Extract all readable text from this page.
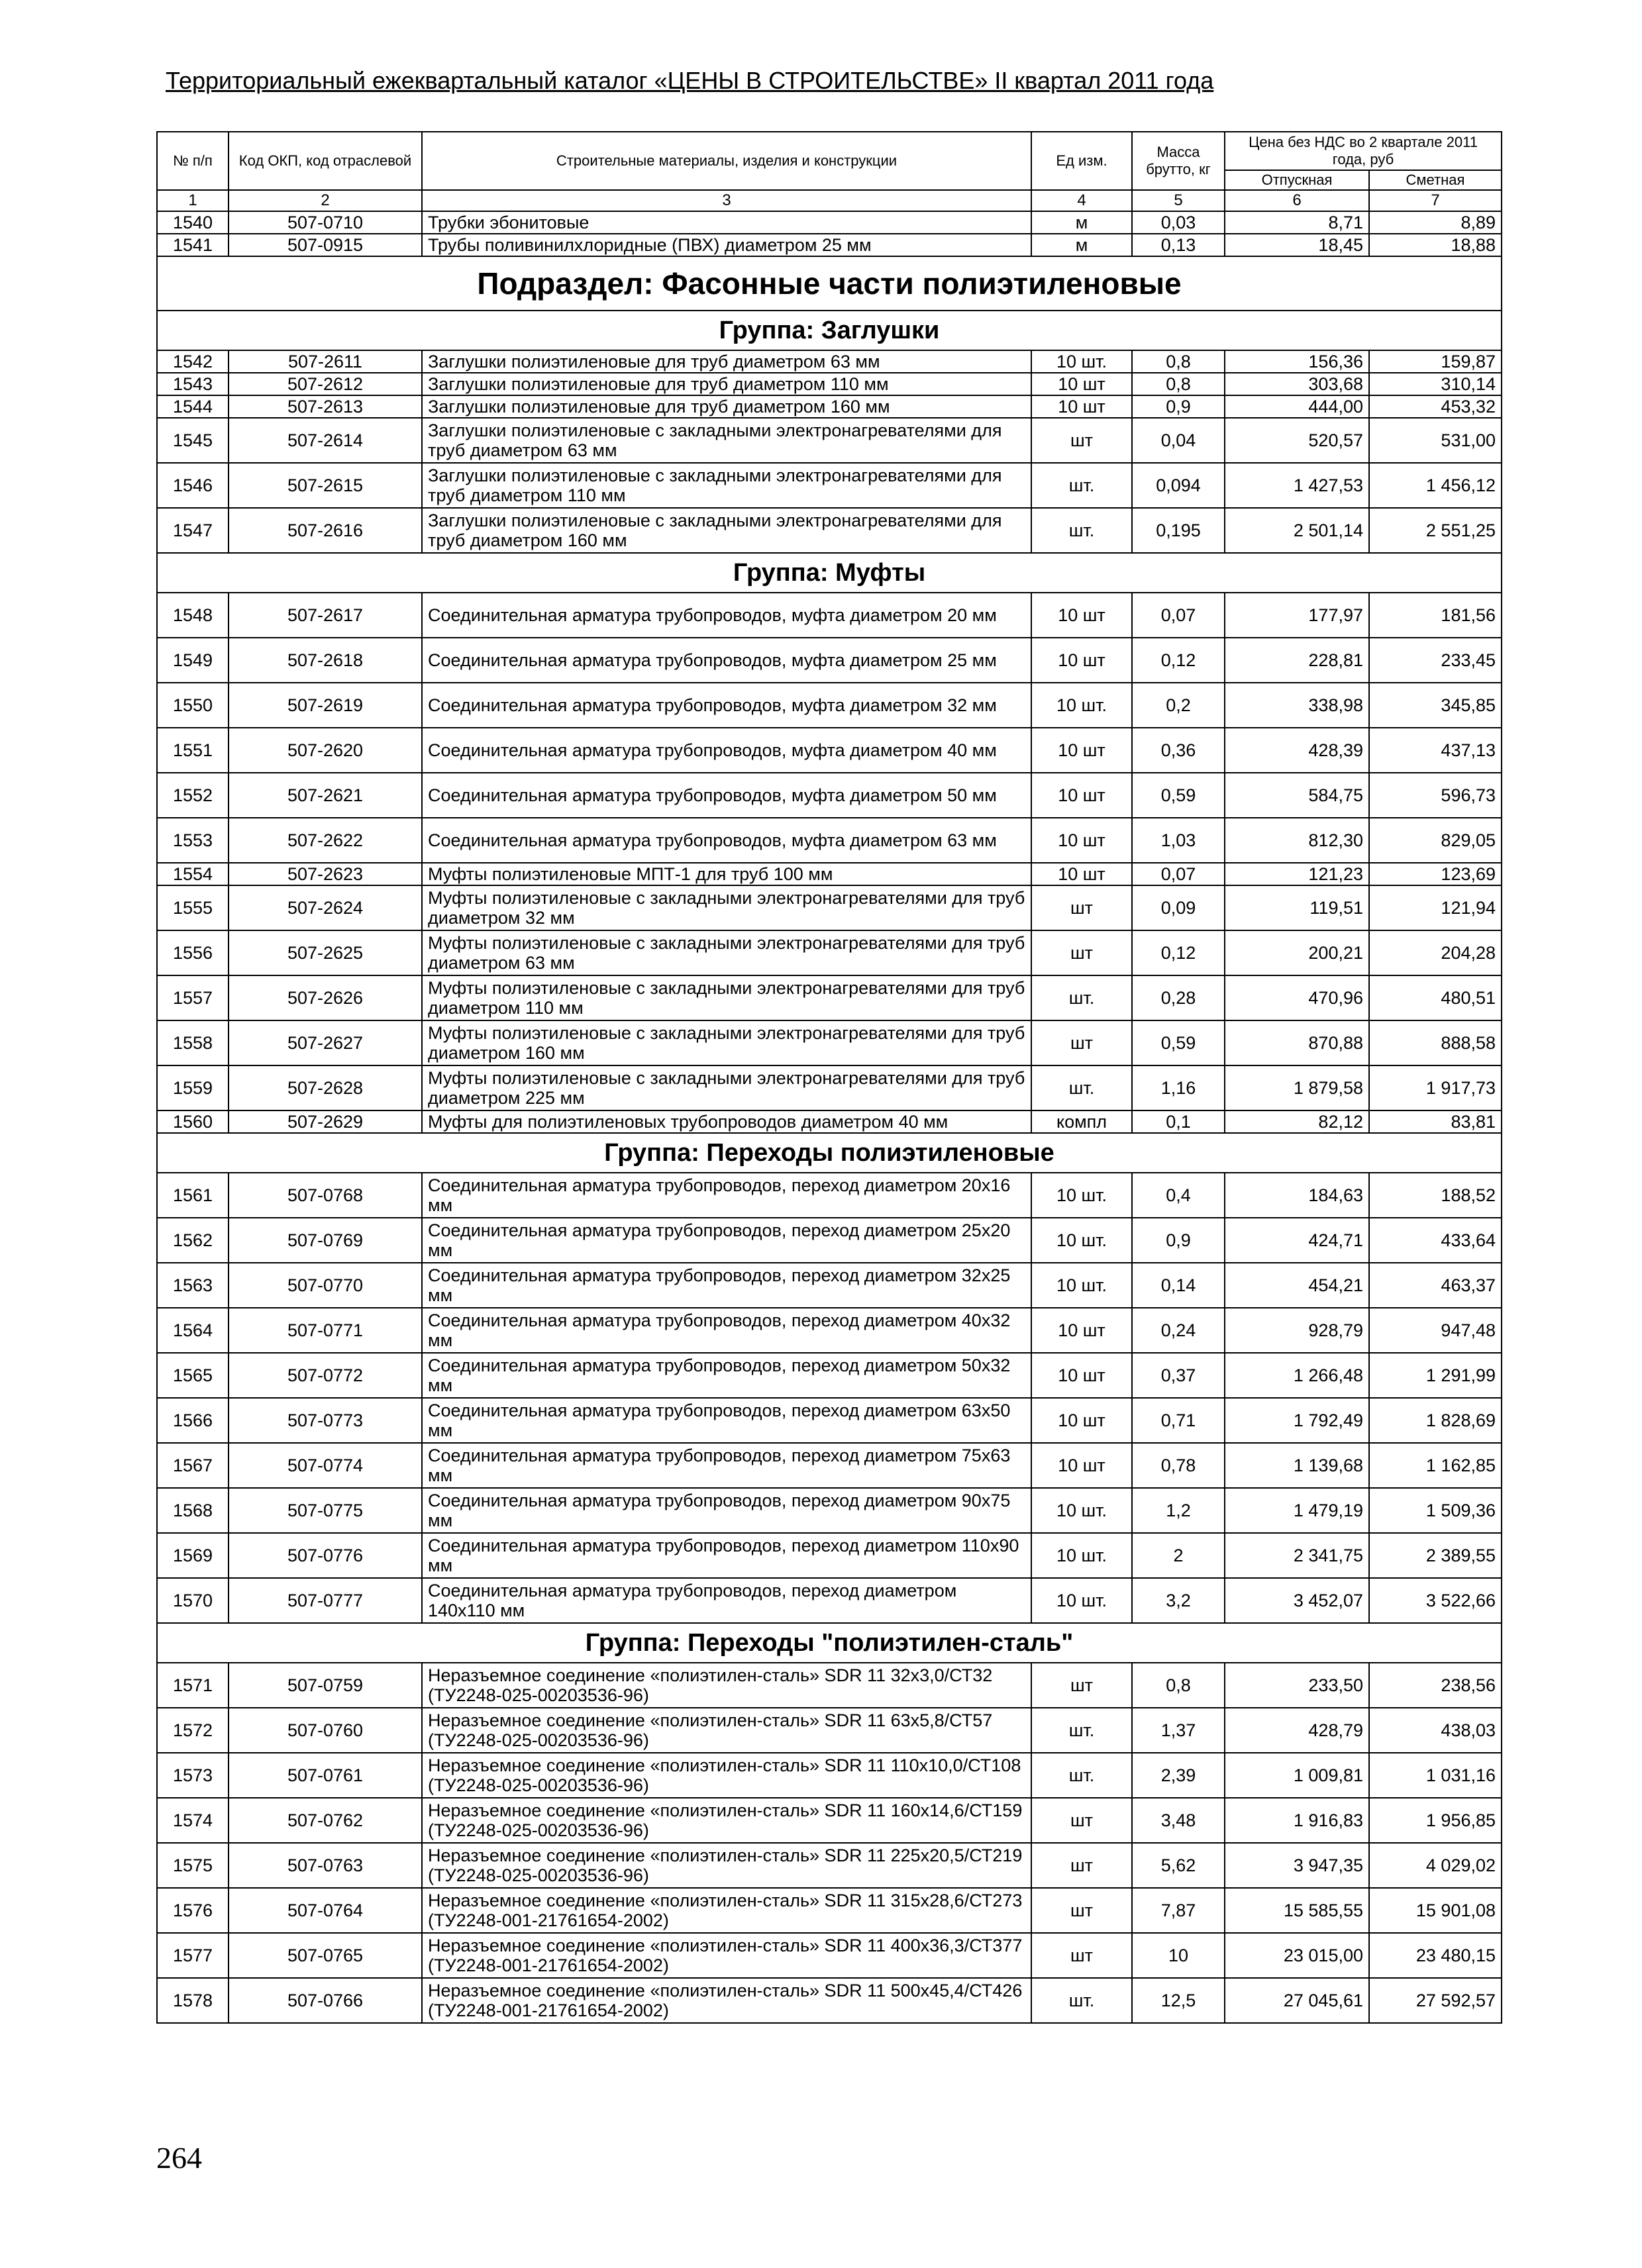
Территориальный ежеквартальный каталог «ЦЕНЫ В СТРОИТЕЛЬСТВЕ» II квартал 2011 года
№ п/п	Код ОКП, код отраслевой	Строительные материалы, изделия и конструкции	Ед изм.	Масса брутто, кг	Цена без НДС во 2 квартале 2011 года, руб	
					Отпускная	Сметная
1	2	3	4	5	6	7
1540	507-0710	Трубки эбонитовые	м	0,03	8,71	8,89
1541	507-0915	Трубы поливинилхлоридные (ПВХ) диаметром 25 мм	м	0,13	18,45	18,88
Подраздел: Фасонные части полиэтиленовые						
Группа: Заглушки						
1542	507-2611	Заглушки полиэтиленовые для труб диаметром 63 мм	10 шт.	0,8	156,36	159,87
1543	507-2612	Заглушки полиэтиленовые для труб диаметром 110 мм	10 шт	0,8	303,68	310,14
1544	507-2613	Заглушки полиэтиленовые для труб диаметром 160 мм	10 шт	0,9	444,00	453,32
1545	507-2614	Заглушки полиэтиленовые с закладными электронагревателями для труб диаметром 63 мм	шт	0,04	520,57	531,00
1546	507-2615	Заглушки полиэтиленовые с закладными электронагревателями для труб диаметром 110 мм	шт.	0,094	1 427,53	1 456,12
1547	507-2616	Заглушки полиэтиленовые с закладными электронагревателями для труб диаметром 160 мм	шт.	0,195	2 501,14	2 551,25
Группа: Муфты						
1548	507-2617	Соединительная арматура трубопроводов, муфта диаметром 20 мм	10 шт	0,07	177,97	181,56
1549	507-2618	Соединительная арматура трубопроводов, муфта диаметром 25 мм	10 шт	0,12	228,81	233,45
1550	507-2619	Соединительная арматура трубопроводов, муфта диаметром 32 мм	10 шт.	0,2	338,98	345,85
1551	507-2620	Соединительная арматура трубопроводов, муфта диаметром 40 мм	10 шт	0,36	428,39	437,13
1552	507-2621	Соединительная арматура трубопроводов, муфта диаметром 50 мм	10 шт	0,59	584,75	596,73
1553	507-2622	Соединительная арматура трубопроводов, муфта диаметром 63 мм	10 шт	1,03	812,30	829,05
1554	507-2623	Муфты полиэтиленовые МПТ-1 для труб 100 мм	10 шт	0,07	121,23	123,69
1555	507-2624	Муфты полиэтиленовые с закладными электронагревателями для труб диаметром 32 мм	шт	0,09	119,51	121,94
1556	507-2625	Муфты полиэтиленовые с закладными электронагревателями для труб диаметром 63 мм	шт	0,12	200,21	204,28
1557	507-2626	Муфты полиэтиленовые с закладными электронагревателями для труб диаметром 110 мм	шт.	0,28	470,96	480,51
1558	507-2627	Муфты полиэтиленовые с закладными электронагревателями для труб диаметром 160 мм	шт	0,59	870,88	888,58
1559	507-2628	Муфты полиэтиленовые с закладными электронагревателями для труб диаметром 225 мм	шт.	1,16	1 879,58	1 917,73
1560	507-2629	Муфты для полиэтиленовых трубопроводов диаметром 40 мм	компл	0,1	82,12	83,81
Группа: Переходы полиэтиленовые						
1561	507-0768	Соединительная арматура трубопроводов, переход диаметром 20х16 мм	10 шт.	0,4	184,63	188,52
1562	507-0769	Соединительная арматура трубопроводов, переход диаметром 25х20 мм	10 шт.	0,9	424,71	433,64
1563	507-0770	Соединительная арматура трубопроводов, переход диаметром 32х25 мм	10 шт.	0,14	454,21	463,37
1564	507-0771	Соединительная арматура трубопроводов, переход диаметром 40х32 мм	10 шт	0,24	928,79	947,48
1565	507-0772	Соединительная арматура трубопроводов, переход диаметром 50х32 мм	10 шт	0,37	1 266,48	1 291,99
1566	507-0773	Соединительная арматура трубопроводов, переход диаметром 63х50 мм	10 шт	0,71	1 792,49	1 828,69
1567	507-0774	Соединительная арматура трубопроводов, переход диаметром 75х63 мм	10 шт	0,78	1 139,68	1 162,85
1568	507-0775	Соединительная арматура трубопроводов, переход диаметром 90х75 мм	10 шт.	1,2	1 479,19	1 509,36
1569	507-0776	Соединительная арматура трубопроводов, переход диаметром 110х90 мм	10 шт.	2	2 341,75	2 389,55
1570	507-0777	Соединительная арматура трубопроводов, переход диаметром 140х110 мм	10 шт.	3,2	3 452,07	3 522,66
Группа: Переходы "полиэтилен-сталь"						
1571	507-0759	Неразъемное соединение «полиэтилен-сталь» SDR 11 32х3,0/СТ32 (ТУ2248-025-00203536-96)	шт	0,8	233,50	238,56
1572	507-0760	Неразъемное соединение «полиэтилен-сталь» SDR 11 63х5,8/СТ57 (ТУ2248-025-00203536-96)	шт.	1,37	428,79	438,03
1573	507-0761	Неразъемное соединение «полиэтилен-сталь» SDR 11 110х10,0/СТ108 (ТУ2248-025-00203536-96)	шт.	2,39	1 009,81	1 031,16
1574	507-0762	Неразъемное соединение «полиэтилен-сталь» SDR 11 160х14,6/СТ159 (ТУ2248-025-00203536-96)	шт	3,48	1 916,83	1 956,85
1575	507-0763	Неразъемное соединение «полиэтилен-сталь» SDR 11 225х20,5/СТ219 (ТУ2248-025-00203536-96)	шт	5,62	3 947,35	4 029,02
1576	507-0764	Неразъемное соединение «полиэтилен-сталь» SDR 11 315х28,6/СТ273 (ТУ2248-001-21761654-2002)	шт	7,87	15 585,55	15 901,08
1577	507-0765	Неразъемное соединение «полиэтилен-сталь» SDR 11 400х36,3/СТ377 (ТУ2248-001-21761654-2002)	шт	10	23 015,00	23 480,15
1578	507-0766	Неразъемное соединение «полиэтилен-сталь» SDR 11 500х45,4/СТ426 (ТУ2248-001-21761654-2002)	шт.	12,5	27 045,61	27 592,57
264
